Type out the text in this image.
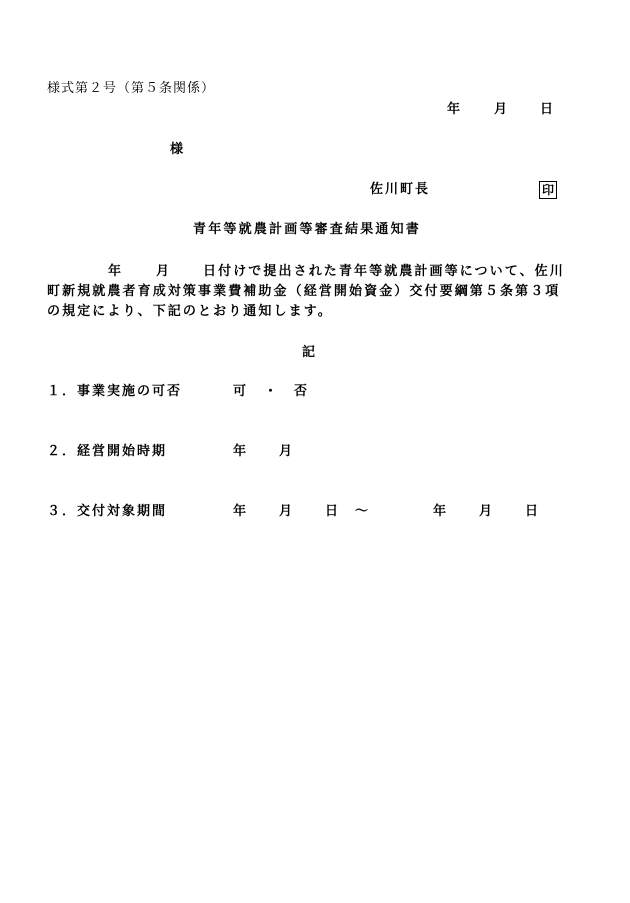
様式第２号（第５条関係）
年	月	日
様
佐川町長	印
青年等就農計画等審査結果通知書
年	月	日付けで提出された青年等就農計画等について、佐川
町新規就農者育成対策事業費補助金（経営開始資金）交付要綱第５条第３項
の規定により、下記のとおり通知します。
記
１．事業実施の可否	可 ・ 否
２．経営開始時期	年	月
３．交付対象期間	年	月	日 ～	年	月	日
